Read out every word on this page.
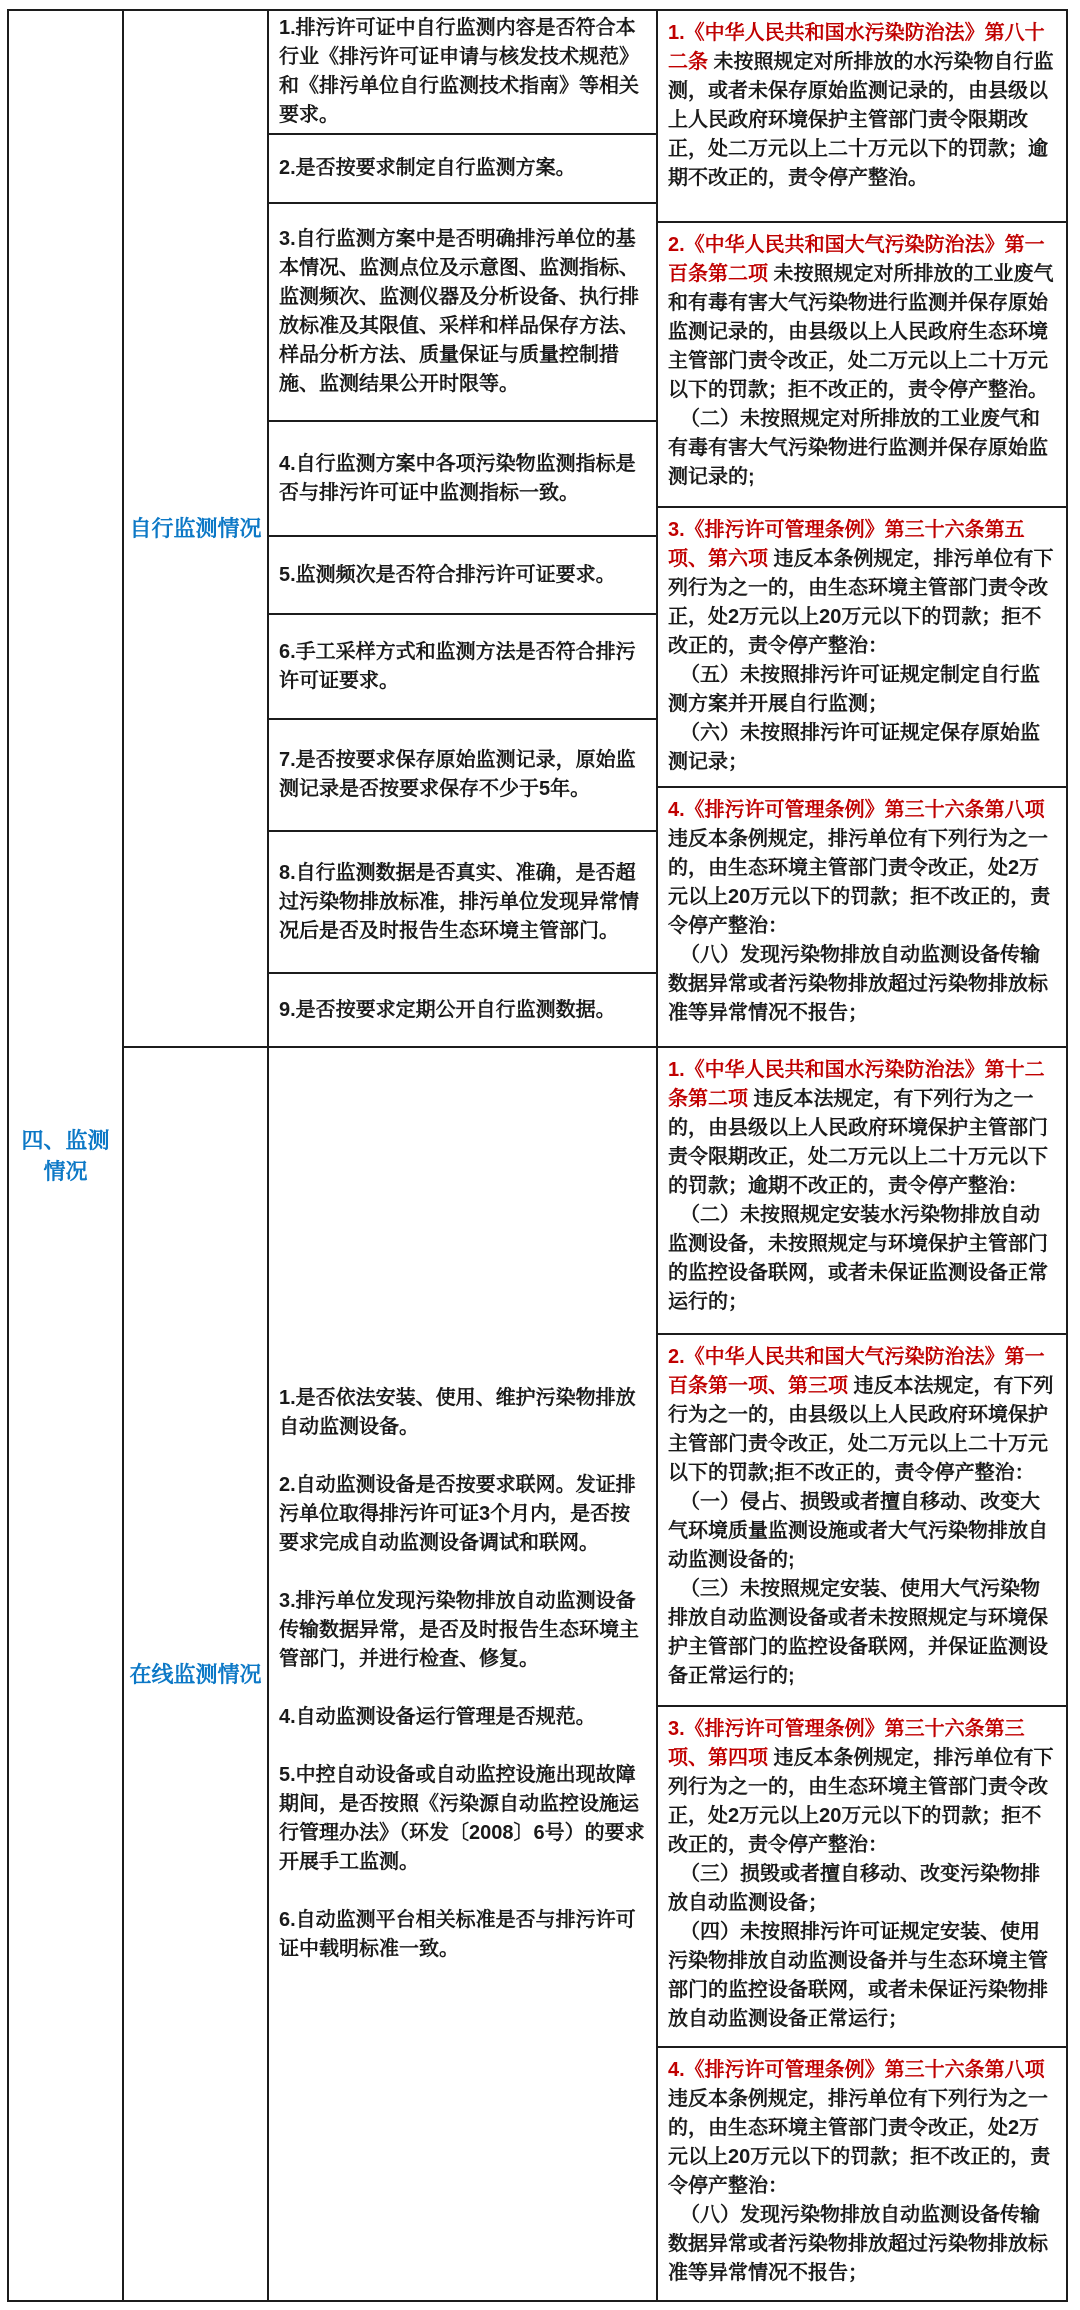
四、监测情况
自行监测情况
在线监测情况

1.排污许可证中自行监测内容是否符合本行业《排污许可证申请与核发技术规范》和《排污单位自行监测技术指南》等相关要求。

2.是否按要求制定自行监测方案。

3.自行监测方案中是否明确排污单位的基本情况、监测点位及示意图、监测指标、监测频次、监测仪器及分析设备、执行排放标准及其限值、采样和样品保存方法、样品分析方法、质量保证与质量控制措施、监测结果公开时限等。

4.自行监测方案中各项污染物监测指标是否与排污许可证中监测指标一致。

5.监测频次是否符合排污许可证要求。

6.手工采样方式和监测方法是否符合排污许可证要求。

7.是否按要求保存原始监测记录，原始监测记录是否按要求保存不少于5年。

8.自行监测数据是否真实、准确，是否超过污染物排放标准，排污单位发现异常情况后是否及时报告生态环境主管部门。

9.是否按要求定期公开自行监测数据。

1.是否依法安装、使用、维护污染物排放自动监测设备。

2.自动监测设备是否按要求联网。发证排污单位取得排污许可证3个月内，是否按要求完成自动监测设备调试和联网。

3.排污单位发现污染物排放自动监测设备传输数据异常，是否及时报告生态环境主管部门，并进行检查、修复。

4.自动监测设备运行管理是否规范。

5.中控自动设备或自动监控设施出现故障期间，是否按照《污染源自动监控设施运行管理办法》（环发〔2008〕6号）的要求开展手工监测。

6.自动监测平台相关标准是否与排污许可证中载明标准一致。

1.《中华人民共和国水污染防治法》第八十二条 未按照规定对所排放的水污染物自行监测，或者未保存原始监测记录的，由县级以上人民政府环境保护主管部门责令限期改正，处二万元以上二十万元以下的罚款；逾期不改正的，责令停产整治。

2.《中华人民共和国大气污染防治法》第一百条第二项 未按照规定对所排放的工业废气和有毒有害大气污染物进行监测并保存原始监测记录的，由县级以上人民政府生态环境主管部门责令改正，处二万元以上二十万元以下的罚款；拒不改正的，责令停产整治。

（二）未按照规定对所排放的工业废气和有毒有害大气污染物进行监测并保存原始监测记录的;

3.《排污许可管理条例》第三十六条第五项、第六项 违反本条例规定，排污单位有下列行为之一的，由生态环境主管部门责令改正，处2万元以上20万元以下的罚款；拒不改正的，责令停产整治：

（五）未按照排污许可证规定制定自行监测方案并开展自行监测；

（六）未按照排污许可证规定保存原始监测记录；

4.《排污许可管理条例》第三十六条第八项 违反本条例规定，排污单位有下列行为之一的，由生态环境主管部门责令改正，处2万元以上20万元以下的罚款；拒不改正的，责令停产整治：

（八）发现污染物排放自动监测设备传输数据异常或者污染物排放超过污染物排放标准等异常情况不报告；

1.《中华人民共和国水污染防治法》第十二条第二项 违反本法规定，有下列行为之一的，由县级以上人民政府环境保护主管部门责令限期改正，处二万元以上二十万元以下的罚款；逾期不改正的，责令停产整治：

（二）未按照规定安装水污染物排放自动监测设备，未按照规定与环境保护主管部门的监控设备联网，或者未保证监测设备正常运行的；

2.《中华人民共和国大气污染防治法》第一百条第一项、第三项 违反本法规定，有下列行为之一的，由县级以上人民政府环境保护主管部门责令改正，处二万元以上二十万元以下的罚款;拒不改正的，责令停产整治：

（一）侵占、损毁或者擅自移动、改变大气环境质量监测设施或者大气污染物排放自动监测设备的;

（三）未按照规定安装、使用大气污染物排放自动监测设备或者未按照规定与环境保护主管部门的监控设备联网，并保证监测设备正常运行的;

3.《排污许可管理条例》第三十六条第三项、第四项 违反本条例规定，排污单位有下列行为之一的，由生态环境主管部门责令改正，处2万元以上20万元以下的罚款；拒不改正的，责令停产整治：

（三）损毁或者擅自移动、改变污染物排放自动监测设备；

（四）未按照排污许可证规定安装、使用污染物排放自动监测设备并与生态环境主管部门的监控设备联网，或者未保证污染物排放自动监测设备正常运行；

4.《排污许可管理条例》第三十六条第八项 违反本条例规定，排污单位有下列行为之一的，由生态环境主管部门责令改正，处2万元以上20万元以下的罚款；拒不改正的，责令停产整治：

（八）发现污染物排放自动监测设备传输数据异常或者污染物排放超过污染物排放标准等异常情况不报告；
